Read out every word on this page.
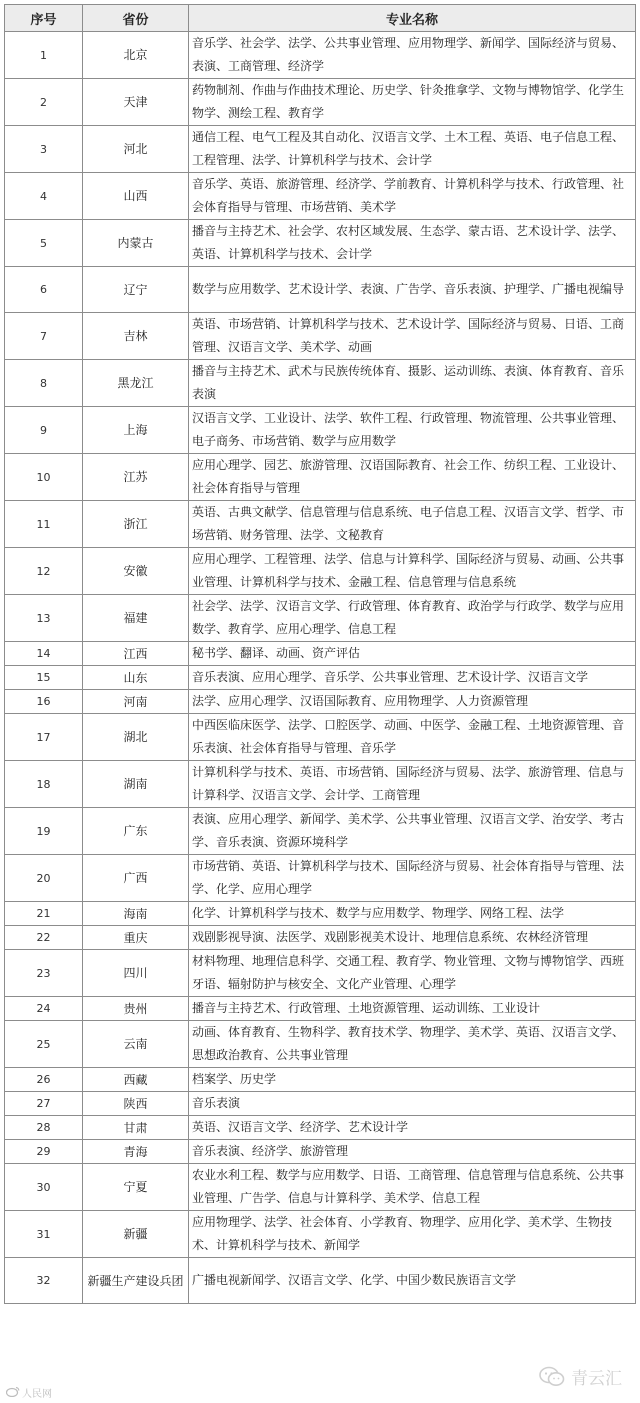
序号	省份	专业名称
1	北京	音乐学、社会学、法学、公共事业管理、应用物理学、新闻学、国际经济与贸易、表演、工商管理、经济学
2	天津	药物制剂、作曲与作曲技术理论、历史学、针灸推拿学、文物与博物馆学、化学生物学、测绘工程、教育学
3	河北	通信工程、电气工程及其自动化、汉语言文学、土木工程、英语、电子信息工程、工程管理、法学、计算机科学与技术、会计学
4	山西	音乐学、英语、旅游管理、经济学、学前教育、计算机科学与技术、行政管理、社会体育指导与管理、市场营销、美术学
5	内蒙古	播音与主持艺术、社会学、农村区域发展、生态学、蒙古语、艺术设计学、法学、英语、计算机科学与技术、会计学
6	辽宁	数学与应用数学、艺术设计学、表演、广告学、音乐表演、护理学、广播电视编导
7	吉林	英语、市场营销、计算机科学与技术、艺术设计学、国际经济与贸易、日语、工商管理、汉语言文学、美术学、动画
8	黑龙江	播音与主持艺术、武术与民族传统体育、摄影、运动训练、表演、体育教育、音乐表演
9	上海	汉语言文学、工业设计、法学、软件工程、行政管理、物流管理、公共事业管理、电子商务、市场营销、数学与应用数学
10	江苏	应用心理学、园艺、旅游管理、汉语国际教育、社会工作、纺织工程、工业设计、社会体育指导与管理
11	浙江	英语、古典文献学、信息管理与信息系统、电子信息工程、汉语言文学、哲学、市场营销、财务管理、法学、文秘教育
12	安徽	应用心理学、工程管理、法学、信息与计算科学、国际经济与贸易、动画、公共事业管理、计算机科学与技术、金融工程、信息管理与信息系统
13	福建	社会学、法学、汉语言文学、行政管理、体育教育、政治学与行政学、数学与应用数学、教育学、应用心理学、信息工程
14	江西	秘书学、翻译、动画、资产评估
15	山东	音乐表演、应用心理学、音乐学、公共事业管理、艺术设计学、汉语言文学
16	河南	法学、应用心理学、汉语国际教育、应用物理学、人力资源管理
17	湖北	中西医临床医学、法学、口腔医学、动画、中医学、金融工程、土地资源管理、音乐表演、社会体育指导与管理、音乐学
18	湖南	计算机科学与技术、英语、市场营销、国际经济与贸易、法学、旅游管理、信息与计算科学、汉语言文学、会计学、工商管理
19	广东	表演、应用心理学、新闻学、美术学、公共事业管理、汉语言文学、治安学、考古学、音乐表演、资源环境科学
20	广西	市场营销、英语、计算机科学与技术、国际经济与贸易、社会体育指导与管理、法学、化学、应用心理学
21	海南	化学、计算机科学与技术、数学与应用数学、物理学、网络工程、法学
22	重庆	戏剧影视导演、法医学、戏剧影视美术设计、地理信息系统、农林经济管理
23	四川	材料物理、地理信息科学、交通工程、教育学、物业管理、文物与博物馆学、西班牙语、辐射防护与核安全、文化产业管理、心理学
24	贵州	播音与主持艺术、行政管理、土地资源管理、运动训练、工业设计
25	云南	动画、体育教育、生物科学、教育技术学、物理学、美术学、英语、汉语言文学、思想政治教育、公共事业管理
26	西藏	档案学、历史学
27	陕西	音乐表演
28	甘肃	英语、汉语言文学、经济学、艺术设计学
29	青海	音乐表演、经济学、旅游管理
30	宁夏	农业水利工程、数学与应用数学、日语、工商管理、信息管理与信息系统、公共事业管理、广告学、信息与计算科学、美术学、信息工程
31	新疆	应用物理学、法学、社会体育、小学教育、物理学、应用化学、美术学、生物技术、计算机科学与技术、新闻学
32	新疆生产建设兵团	广播电视新闻学、汉语言文学、化学、中国少数民族语言文学
青云汇
人民网
